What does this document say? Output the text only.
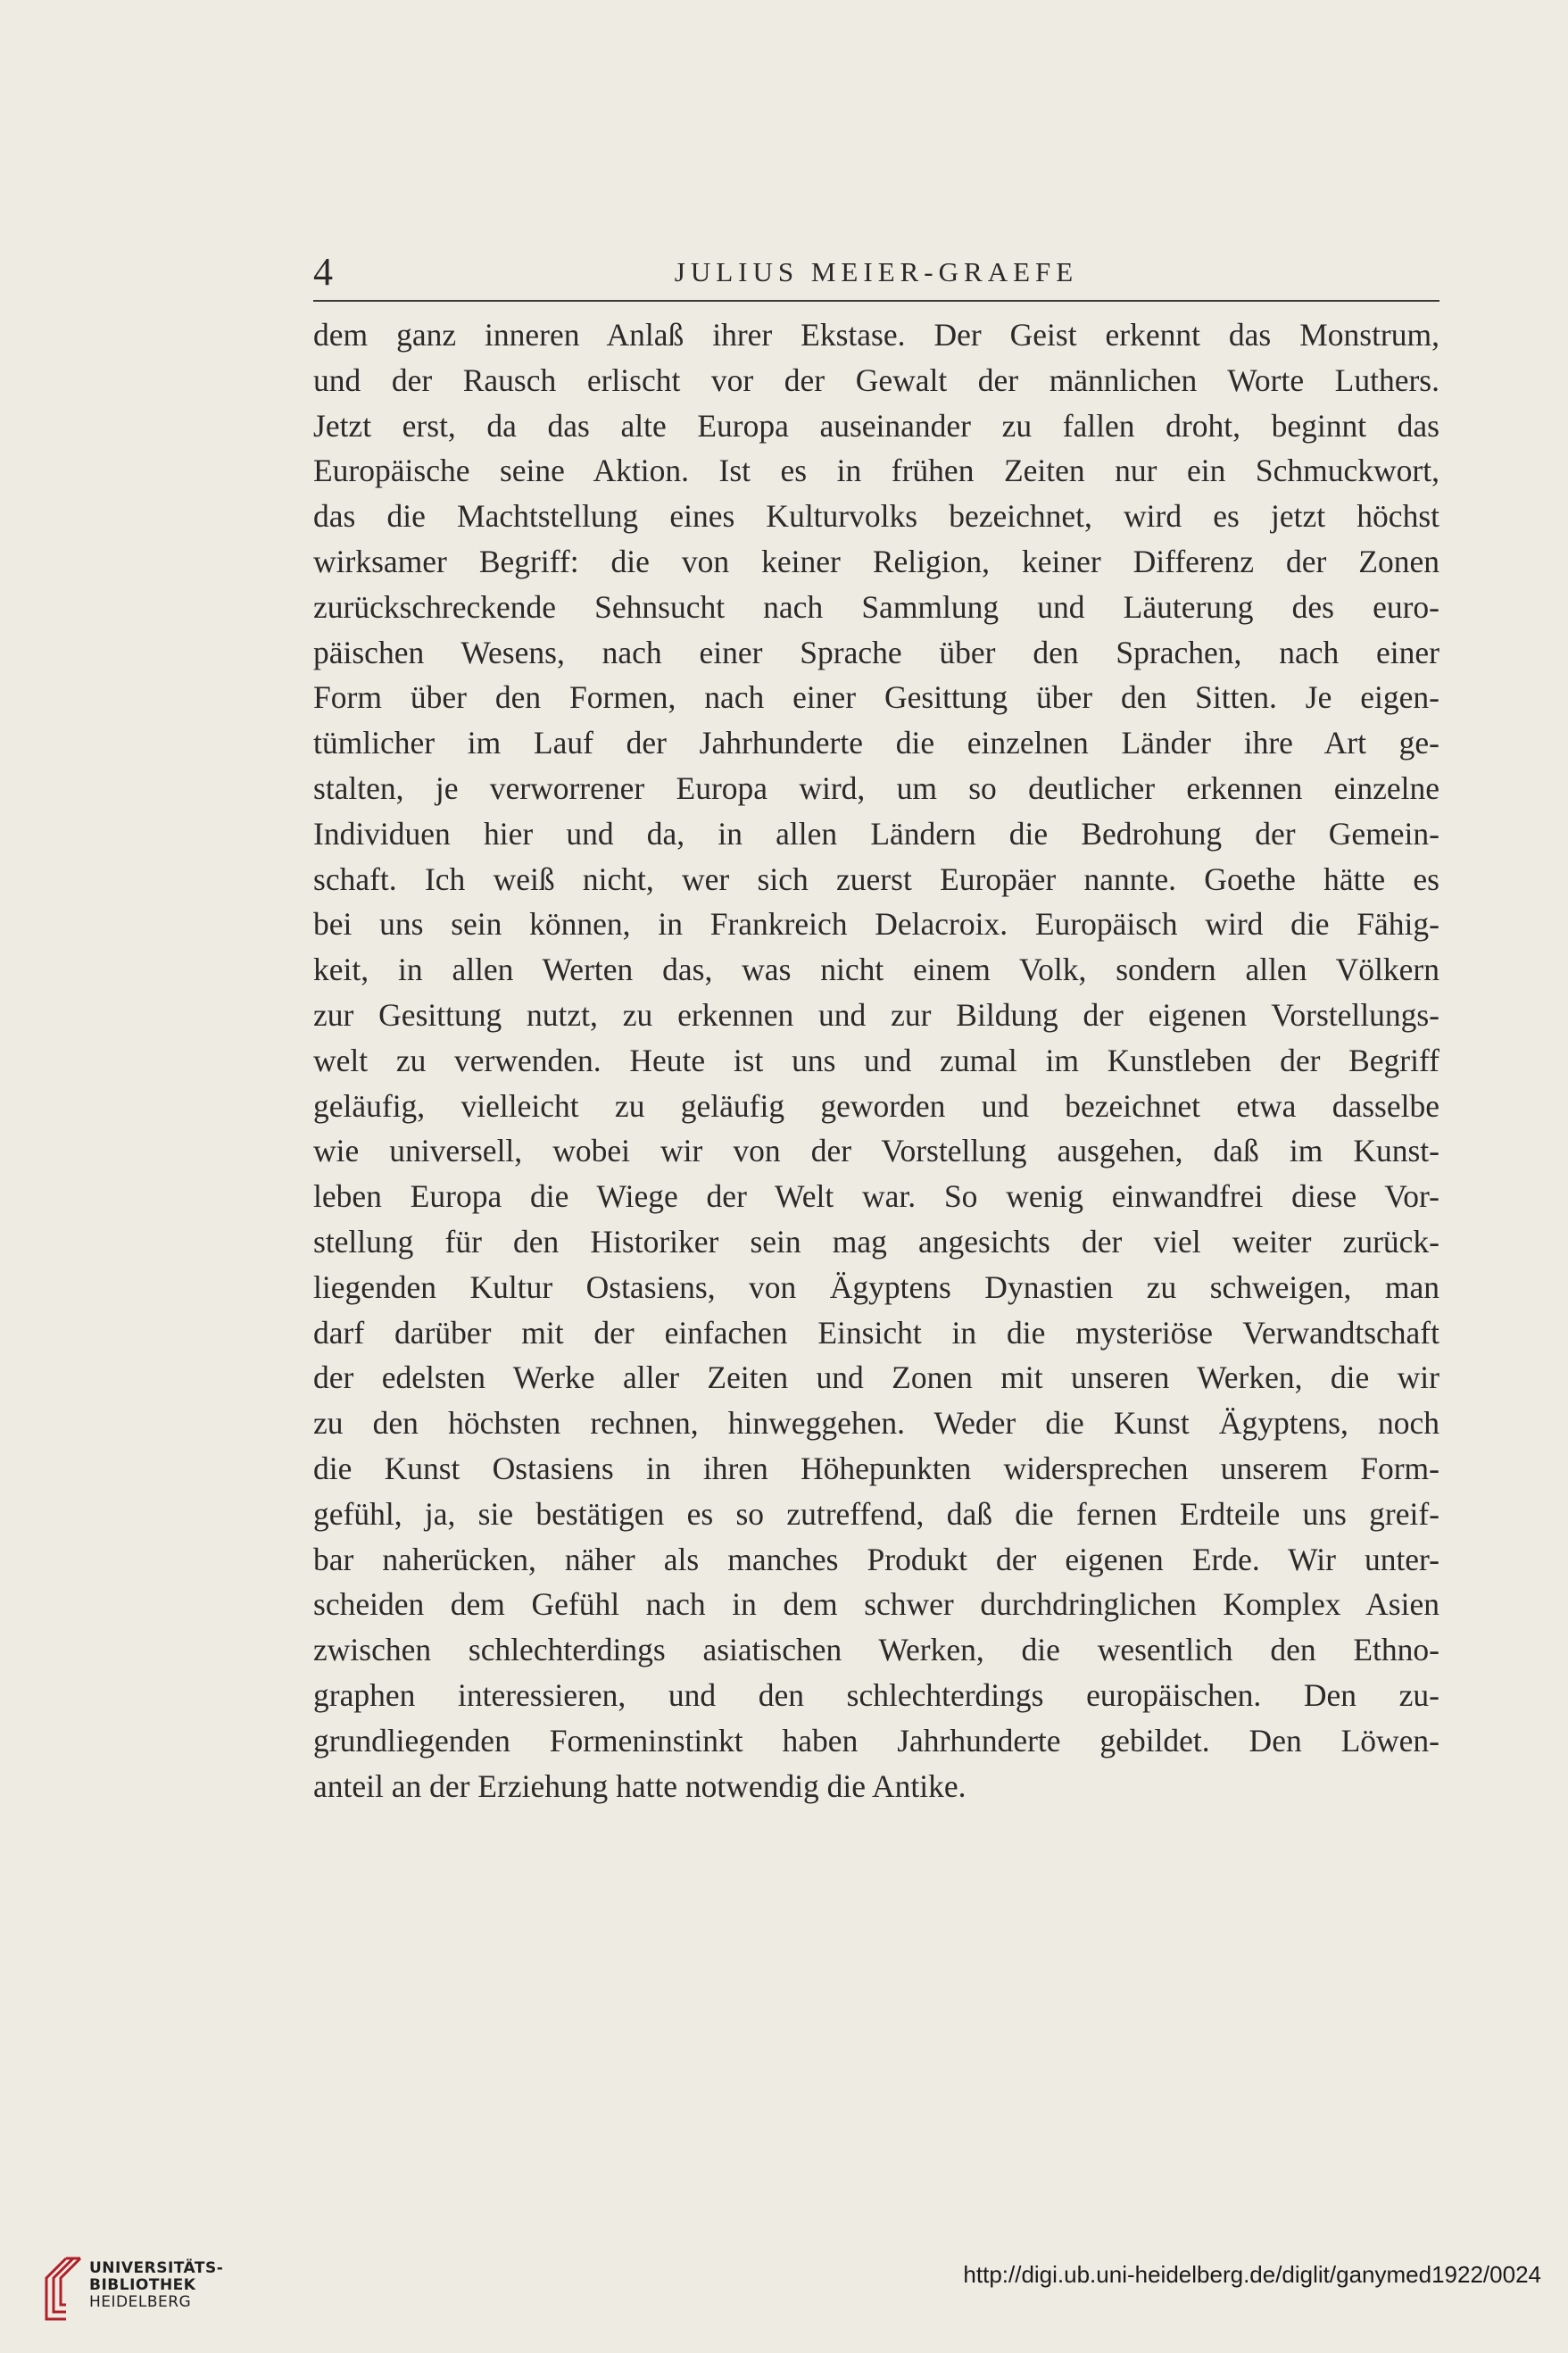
4	JULIUS MEIER-GRAEFE

dem ganz inneren Anlaß ihrer Ekstase. Der Geist erkennt das Monstrum,
und der Rausch erlischt vor der Gewalt der männlichen Worte Luthers.
Jetzt erst, da das alte Europa auseinander zu fallen droht, beginnt das
Europäische seine Aktion. Ist es in frühen Zeiten nur ein Schmuckwort,
das die Machtstellung eines Kulturvolks bezeichnet, wird es jetzt höchst
wirksamer Begriff: die von keiner Religion, keiner Differenz der Zonen
zurückschreckende Sehnsucht nach Sammlung und Läuterung des euro-
päischen Wesens, nach einer Sprache über den Sprachen, nach einer
Form über den Formen, nach einer Gesittung über den Sitten. Je eigen-
tümlicher im Lauf der Jahrhunderte die einzelnen Länder ihre Art ge-
stalten, je verworrener Europa wird, um so deutlicher erkennen einzelne
Individuen hier und da, in allen Ländern die Bedrohung der Gemein-
schaft. Ich weiß nicht, wer sich zuerst Europäer nannte. Goethe hätte es
bei uns sein können, in Frankreich Delacroix. Europäisch wird die Fähig-
keit, in allen Werten das, was nicht einem Volk, sondern allen Völkern
zur Gesittung nutzt, zu erkennen und zur Bildung der eigenen Vorstellungs-
welt zu verwenden. Heute ist uns und zumal im Kunstleben der Begriff
geläufig, vielleicht zu geläufig geworden und bezeichnet etwa dasselbe
wie universell, wobei wir von der Vorstellung ausgehen, daß im Kunst-
leben Europa die Wiege der Welt war. So wenig einwandfrei diese Vor-
stellung für den Historiker sein mag angesichts der viel weiter zurück-
liegenden Kultur Ostasiens, von Ägyptens Dynastien zu schweigen, man
darf darüber mit der einfachen Einsicht in die mysteriöse Verwandtschaft
der edelsten Werke aller Zeiten und Zonen mit unseren Werken, die wir
zu den höchsten rechnen, hinweggehen. Weder die Kunst Ägyptens, noch
die Kunst Ostasiens in ihren Höhepunkten widersprechen unserem Form-
gefühl, ja, sie bestätigen es so zutreffend, daß die fernen Erdteile uns greif-
bar naherücken, näher als manches Produkt der eigenen Erde. Wir unter-
scheiden dem Gefühl nach in dem schwer durchdringlichen Komplex Asien
zwischen schlechterdings asiatischen Werken, die wesentlich den Ethno-
graphen interessieren, und den schlechterdings europäischen. Den zu-
grundliegenden Formeninstinkt haben Jahrhunderte gebildet. Den Löwen-
anteil an der Erziehung hatte notwendig die Antike.

UNIVERSITÄTS-
BIBLIOTHEK
HEIDELBERG
http://digi.ub.uni-heidelberg.de/diglit/ganymed1922/0024
